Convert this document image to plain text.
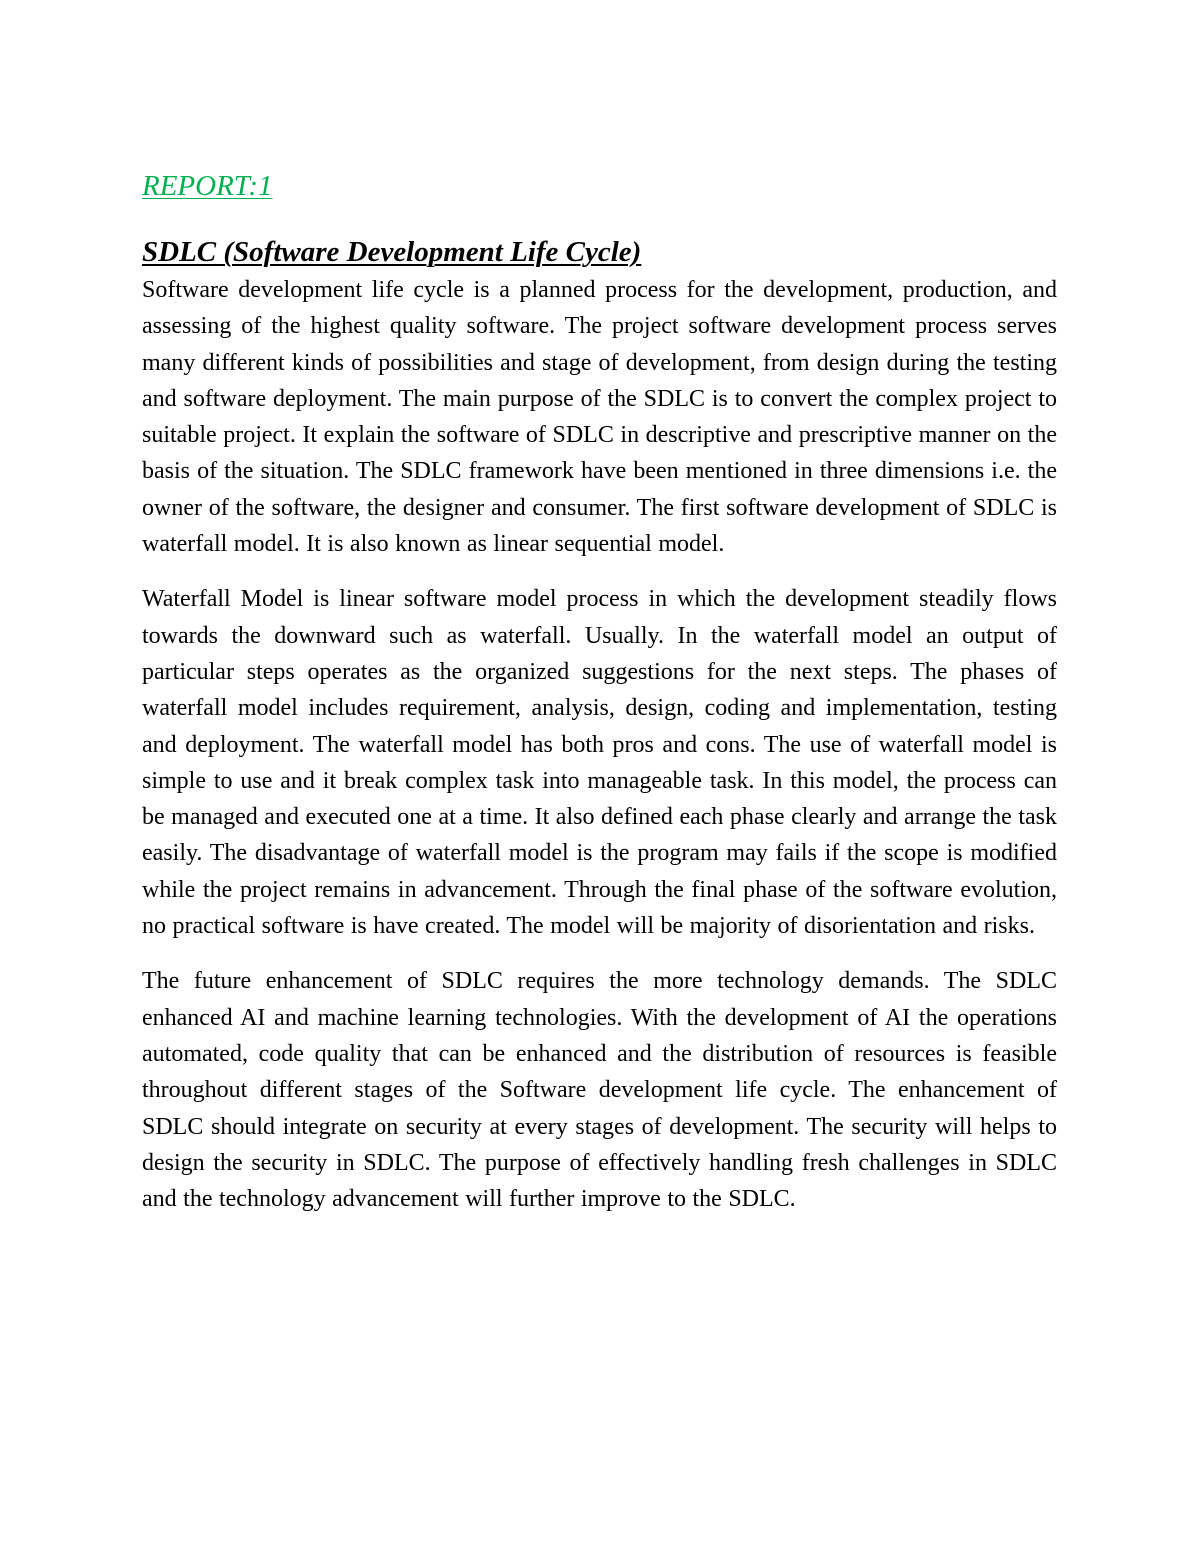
REPORT:1
SDLC (Software Development Life Cycle)

Software development life cycle is a planned process for the development, production, and assessing of the highest quality software. The project software development process serves many different kinds of possibilities and stage of development, from design during the testing and software deployment. The main purpose of the SDLC is to convert the complex project to suitable project. It explain the software of SDLC in descriptive and prescriptive manner on the basis of the situation. The SDLC framework have been mentioned in three dimensions i.e. the owner of the software, the designer and consumer. The first software development of SDLC is waterfall model. It is also known as linear sequential model.

Waterfall Model is linear software model process in which the development steadily flows towards the downward such as waterfall. Usually. In the waterfall model an output of particular steps operates as the organized suggestions for the next steps. The phases of waterfall model includes requirement, analysis, design, coding and implementation, testing and deployment. The waterfall model has both pros and cons. The use of waterfall model is simple to use and it break complex task into manageable task. In this model, the process can be managed and executed one at a time. It also defined each phase clearly and arrange the task easily. The disadvantage of waterfall model is the program may fails if the scope is modified while the project remains in advancement. Through the final phase of the software evolution, no practical software is have created. The model will be majority of disorientation and risks.

The future enhancement of SDLC requires the more technology demands. The SDLC enhanced AI and machine learning technologies. With the development of AI the operations automated, code quality that can be enhanced and the distribution of resources is feasible throughout different stages of the Software development life cycle. The enhancement of SDLC should integrate on security at every stages of development. The security will helps to design the security in SDLC. The purpose of effectively handling fresh challenges in SDLC and the technology advancement will further improve to the SDLC.
